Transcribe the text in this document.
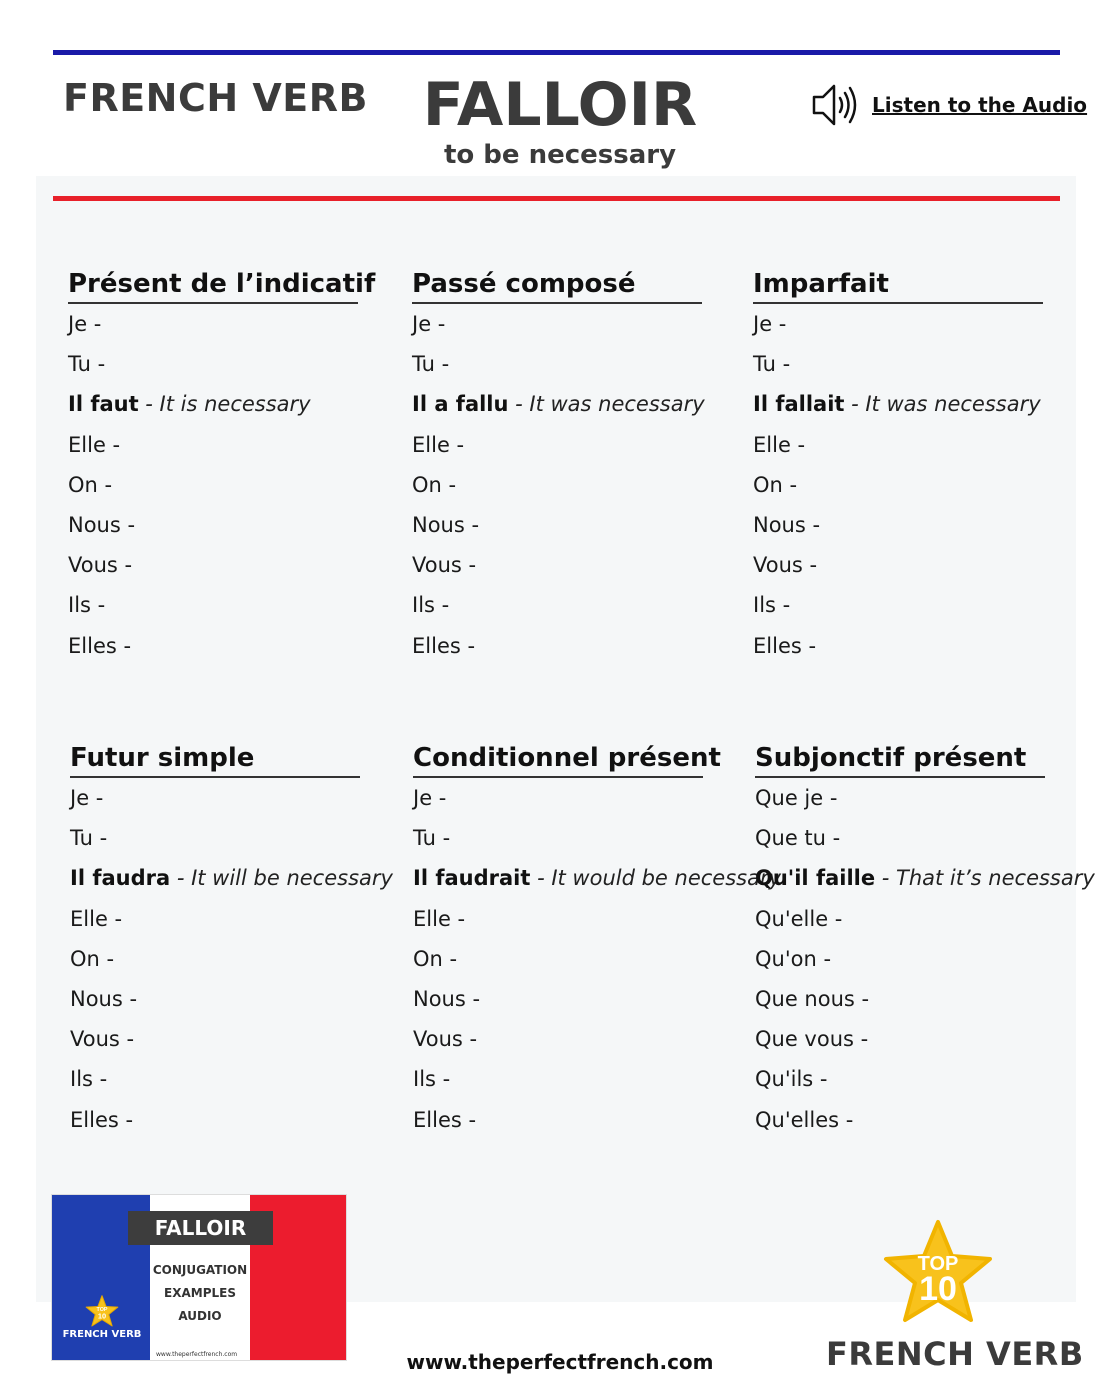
FRENCH VERB FALLOIR
to be necessary
Listen to the Audio
Présent de l’indicatif
Je -
Tu -
Il faut - It is necessary
Elle -
On -
Nous -
Vous -
Ils -
Elles -
Passé composé
Je -
Tu -
Il a fallu - It was necessary
Elle -
On -
Nous -
Vous -
Ils -
Elles -
Imparfait
Je -
Tu -
Il fallait - It was necessary
Elle -
On -
Nous -
Vous -
Ils -
Elles -
Futur simple
Je -
Tu -
Il faudra - It will be necessary
Elle -
On -
Nous -
Vous -
Ils -
Elles -
Conditionnel présent
Je -
Tu -
Il faudrait - It would be necessary
Elle -
On -
Nous -
Vous -
Ils -
Elles -
Subjonctif présent
Que je -
Que tu -
Qu'il faille - That it’s necessary
Qu'elle -
Qu'on -
Que nous -
Que vous -
Qu'ils -
Qu'elles -
FALLOIR
CONJUGATION
EXAMPLES
AUDIO
www.theperfectfrench.com
TOP
10
FRENCH VERB
www.theperfectfrench.com
TOP
10
FRENCH VERB
